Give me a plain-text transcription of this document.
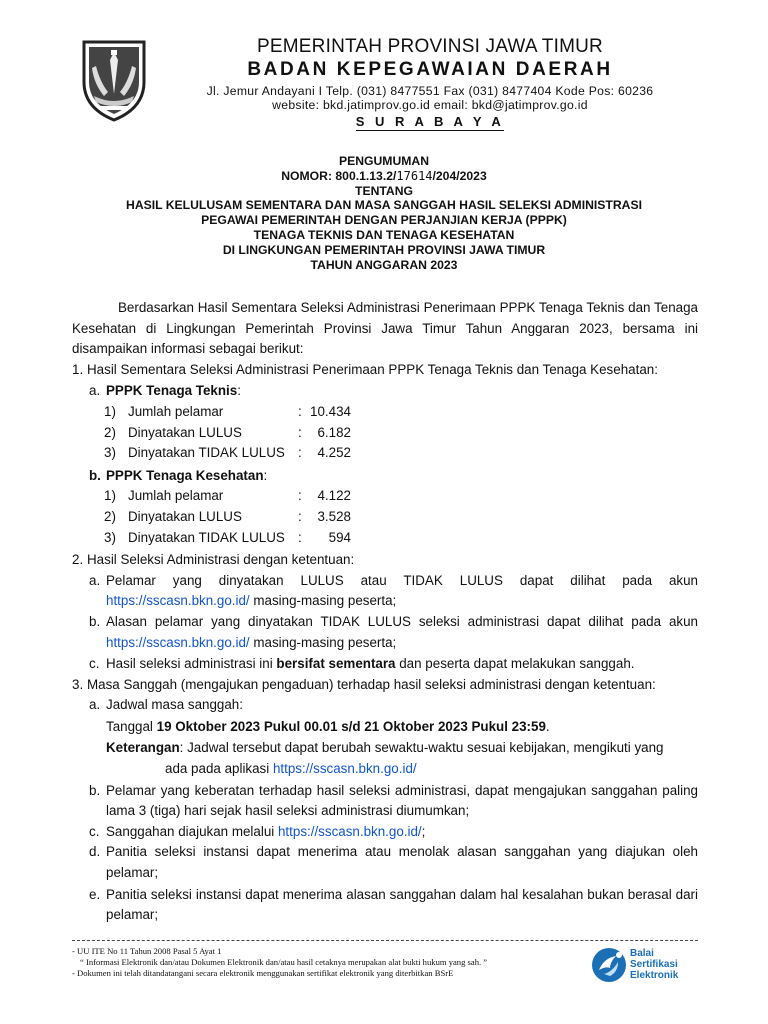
PEMERINTAH PROVINSI JAWA TIMUR
BADAN KEPEGAWAIAN DAERAH
Jl. Jemur Andayani I Telp. (031) 8477551 Fax (031) 8477404 Kode Pos: 60236
website: bkd.jatimprov.go.id email: bkd@jatimprov.go.id
S U R A B A Y A
PENGUMUMAN
NOMOR: 800.1.13.2/17614/204/2023
TENTANG
HASIL KELULUSAM SEMENTARA DAN MASA SANGGAH HASIL SELEKSI ADMINISTRASI
PEGAWAI PEMERINTAH DENGAN PERJANJIAN KERJA (PPPK)
TENAGA TEKNIS DAN TENAGA KESEHATAN
DI LINGKUNGAN PEMERINTAH PROVINSI JAWA TIMUR
TAHUN ANGGARAN 2023

Berdasarkan Hasil Sementara Seleksi Administrasi Penerimaan PPPK Tenaga Teknis dan Tenaga Kesehatan di Lingkungan Pemerintah Provinsi Jawa Timur Tahun Anggaran 2023, bersama ini disampaikan informasi sebagai berikut:

1. Hasil Sementara Seleksi Administrasi Penerimaan PPPK Tenaga Teknis dan Tenaga Kesehatan:
a. PPPK Tenaga Teknis:
1) Jumlah pelamar	: 10.434
2) Dinyatakan LULUS	:	6.182
3) Dinyatakan TIDAK LULUS :	4.252
b. PPPK Tenaga Kesehatan:
1) Jumlah pelamar	:	4.122
2) Dinyatakan LULUS	:	3.528
3) Dinyatakan TIDAK LULUS :	594
2. Hasil Seleksi Administrasi dengan ketentuan:
a. Pelamar yang dinyatakan LULUS atau TIDAK LULUS dapat dilihat pada akun
https://sscasn.bkn.go.id/ masing-masing peserta;
b. Alasan pelamar yang dinyatakan TIDAK LULUS seleksi administrasi dapat dilihat pada akun
https://sscasn.bkn.go.id/ masing-masing peserta;
c. Hasil seleksi administrasi ini bersifat sementara dan peserta dapat melakukan sanggah.
3. Masa Sanggah (mengajukan pengaduan) terhadap hasil seleksi administrasi dengan ketentuan:
a. Jadwal masa sanggah:
Tanggal 19 Oktober 2023 Pukul 00.01 s/d 21 Oktober 2023 Pukul 23:59.
Keterangan: Jadwal tersebut dapat berubah sewaktu-waktu sesuai kebijakan, mengikuti yang
ada pada aplikasi https://sscasn.bkn.go.id/
b. Pelamar yang keberatan terhadap hasil seleksi administrasi, dapat mengajukan sanggahan paling lama 3 (tiga) hari sejak hasil seleksi administrasi diumumkan;
c. Sanggahan diajukan melalui https://sscasn.bkn.go.id/;
d. Panitia seleksi instansi dapat menerima atau menolak alasan sanggahan yang diajukan oleh pelamar;
e. Panitia seleksi instansi dapat menerima alasan sanggahan dalam hal kesalahan bukan berasal dari pelamar;
- UU ITE No 11 Tahun 2008 Pasal 5 Ayat 1
“ Informasi Elektronik dan/atau Dokumen Elektronik dan/atau hasil cetaknya merupakan alat bukti hukum yang sah. ”
- Dokumen ini telah ditandatangani secara elektronik menggunakan sertifikat elektronik yang diterbitkan BSrE
Balai
Sertifikasi
Elektronik
